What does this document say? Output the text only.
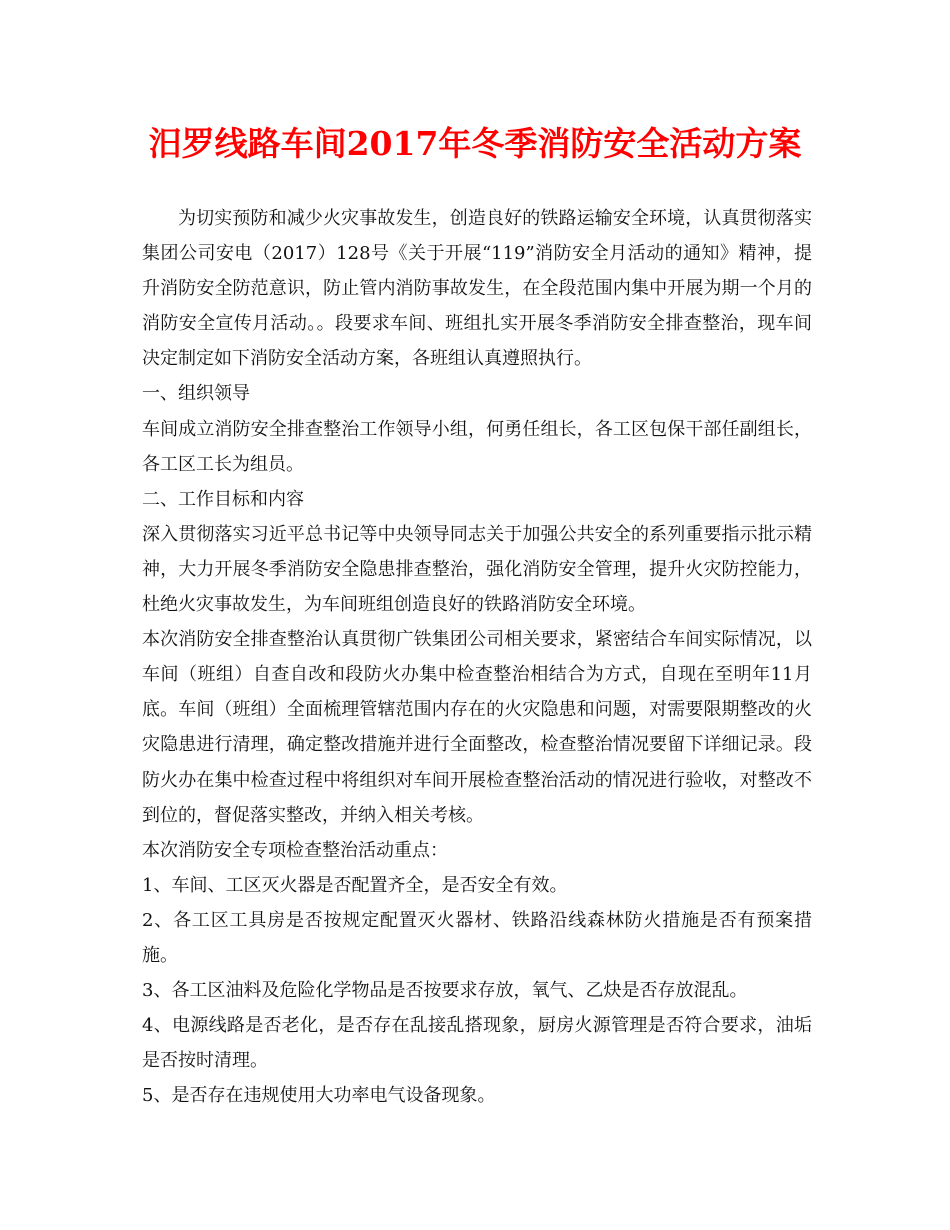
汨罗线路车间2017年冬季消防安全活动方案

为切实预防和减少火灾事故发生，创造良好的铁路运输安全环境，认真贯彻落实集团公司安电（2017）128号《关于开展“119”消防安全月活动的通知》精神，提升消防安全防范意识，防止管内消防事故发生，在全段范围内集中开展为期一个月的消防安全宣传月活动。。段要求车间、班组扎实开展冬季消防安全排查整治，现车间决定制定如下消防安全活动方案，各班组认真遵照执行。

一、组织领导

车间成立消防安全排查整治工作领导小组，何勇任组长，各工区包保干部任副组长，各工区工长为组员。

二、工作目标和内容

深入贯彻落实习近平总书记等中央领导同志关于加强公共安全的系列重要指示批示精神，大力开展冬季消防安全隐患排查整治，强化消防安全管理，提升火灾防控能力，杜绝火灾事故发生，为车间班组创造良好的铁路消防安全环境。

本次消防安全排查整治认真贯彻广铁集团公司相关要求，紧密结合车间实际情况，以车间（班组）自查自改和段防火办集中检查整治相结合为方式，自现在至明年11月底。车间（班组）全面梳理管辖范围内存在的火灾隐患和问题，对需要限期整改的火灾隐患进行清理，确定整改措施并进行全面整改，检查整治情况要留下详细记录。段防火办在集中检查过程中将组织对车间开展检查整治活动的情况进行验收，对整改不到位的，督促落实整改，并纳入相关考核。

本次消防安全专项检查整治活动重点：

1、车间、工区灭火器是否配置齐全，是否安全有效。

2、各工区工具房是否按规定配置灭火器材、铁路沿线森林防火措施是否有预案措施。

3、各工区油料及危险化学物品是否按要求存放，氧气、乙炔是否存放混乱。

4、电源线路是否老化，是否存在乱接乱搭现象，厨房火源管理是否符合要求，油垢是否按时清理。

5、是否存在违规使用大功率电气设备现象。
